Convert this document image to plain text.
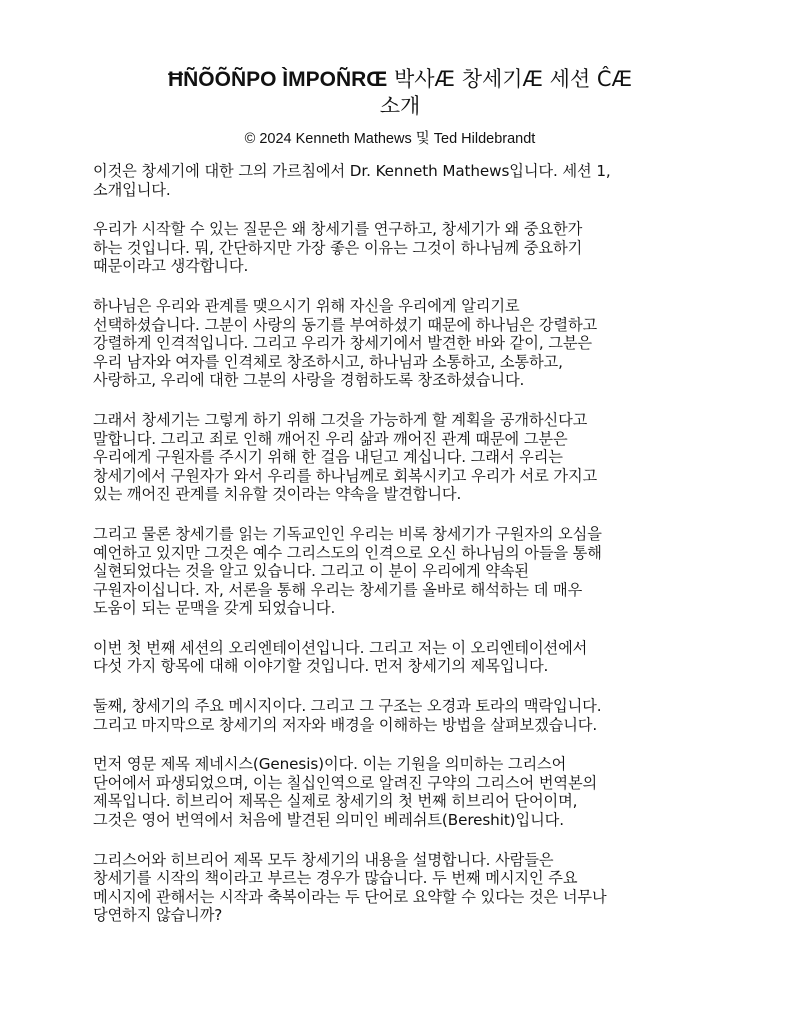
ĦÑÕÕÑPO ÌMPOÑRŒ 박사Æ 창세기Æ 세션 ĈÆ
소개
© 2024 Kenneth Mathews 및 Ted Hildebrandt
이것은 창세기에 대한 그의 가르침에서 Dr. Kenneth Mathews입니다. 세션 1,
소개입니다.
우리가 시작할 수 있는 질문은 왜 창세기를 연구하고, 창세기가 왜 중요한가
하는 것입니다. 뭐, 간단하지만 가장 좋은 이유는 그것이 하나님께 중요하기
때문이라고 생각합니다.
하나님은 우리와 관계를 맺으시기 위해 자신을 우리에게 알리기로
선택하셨습니다. 그분이 사랑의 동기를 부여하셨기 때문에 하나님은 강렬하고
강렬하게 인격적입니다. 그리고 우리가 창세기에서 발견한 바와 같이, 그분은
우리 남자와 여자를 인격체로 창조하시고, 하나님과 소통하고, 소통하고,
사랑하고, 우리에 대한 그분의 사랑을 경험하도록 창조하셨습니다.
그래서 창세기는 그렇게 하기 위해 그것을 가능하게 할 계획을 공개하신다고
말합니다. 그리고 죄로 인해 깨어진 우리 삶과 깨어진 관계 때문에 그분은
우리에게 구원자를 주시기 위해 한 걸음 내딛고 계십니다. 그래서 우리는
창세기에서 구원자가 와서 우리를 하나님께로 회복시키고 우리가 서로 가지고
있는 깨어진 관계를 치유할 것이라는 약속을 발견합니다.
그리고 물론 창세기를 읽는 기독교인인 우리는 비록 창세기가 구원자의 오심을
예언하고 있지만 그것은 예수 그리스도의 인격으로 오신 하나님의 아들을 통해
실현되었다는 것을 알고 있습니다. 그리고 이 분이 우리에게 약속된
구원자이십니다. 자, 서론을 통해 우리는 창세기를 올바로 해석하는 데 매우
도움이 되는 문맥을 갖게 되었습니다.
이번 첫 번째 세션의 오리엔테이션입니다. 그리고 저는 이 오리엔테이션에서
다섯 가지 항목에 대해 이야기할 것입니다. 먼저 창세기의 제목입니다.
둘째, 창세기의 주요 메시지이다. 그리고 그 구조는 오경과 토라의 맥락입니다.
그리고 마지막으로 창세기의 저자와 배경을 이해하는 방법을 살펴보겠습니다.
먼저 영문 제목 제네시스(Genesis)이다. 이는 기원을 의미하는 그리스어
단어에서 파생되었으며, 이는 칠십인역으로 알려진 구약의 그리스어 번역본의
제목입니다. 히브리어 제목은 실제로 창세기의 첫 번째 히브리어 단어이며,
그것은 영어 번역에서 처음에 발견된 의미인 베레쉬트(Bereshit)입니다.
그리스어와 히브리어 제목 모두 창세기의 내용을 설명합니다. 사람들은
창세기를 시작의 책이라고 부르는 경우가 많습니다. 두 번째 메시지인 주요
메시지에 관해서는 시작과 축복이라는 두 단어로 요약할 수 있다는 것은 너무나
당연하지 않습니까?
